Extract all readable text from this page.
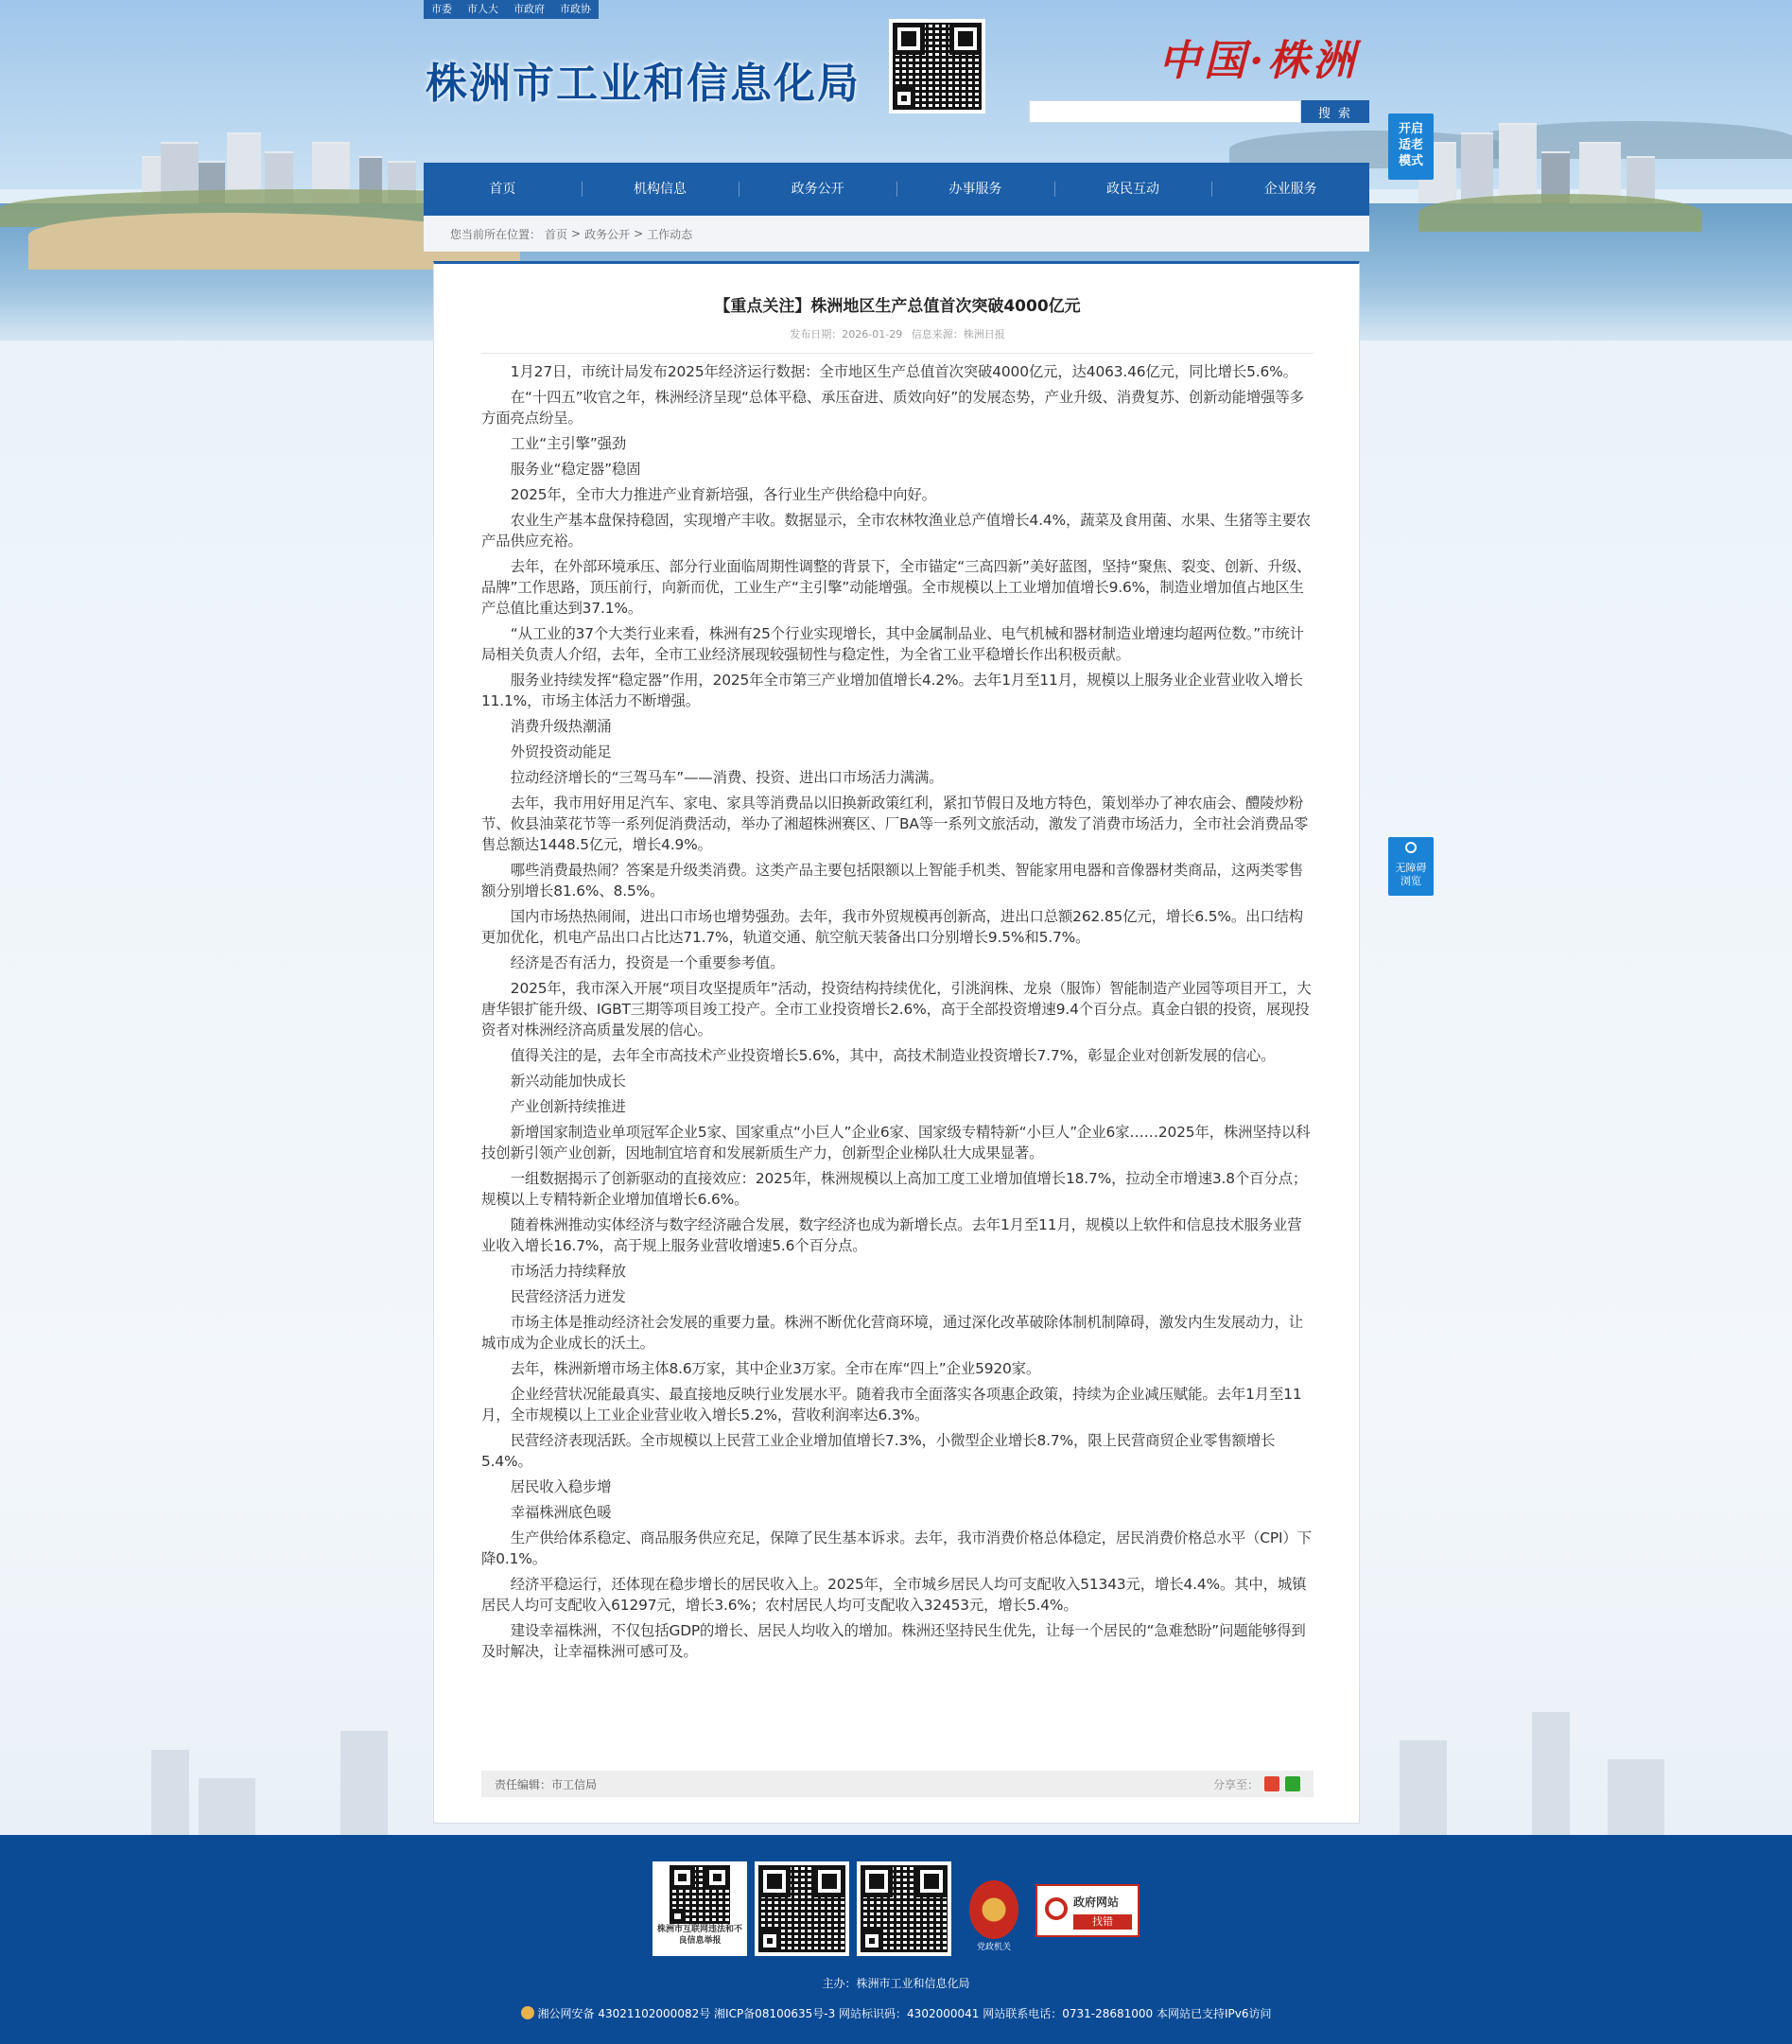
市委	市人大	市政府	市政协
株洲市工业和信息化局	中国·株洲
搜 索
开启适老模式
无障碍浏览
首页	机构信息	政务公开	办事服务	政民互动	企业服务
您当前所在位置： 首页 > 政务公开 > 工作动态
【重点关注】株洲地区生产总值首次突破4000亿元
发布日期：2026-01-29 信息来源：株洲日报

1月27日，市统计局发布2025年经济运行数据：全市地区生产总值首次突破4000亿元，达4063.46亿元，同比增长5.6%。

在“十四五”收官之年，株洲经济呈现“总体平稳、承压奋进、质效向好”的发展态势，产业升级、消费复苏、创新动能增强等多方面亮点纷呈。

工业“主引擎”强劲

服务业“稳定器”稳固

2025年，全市大力推进产业育新培强，各行业生产供给稳中向好。

农业生产基本盘保持稳固，实现增产丰收。数据显示，全市农林牧渔业总产值增长4.4%，蔬菜及食用菌、水果、生猪等主要农产品供应充裕。

去年，在外部环境承压、部分行业面临周期性调整的背景下，全市锚定“三高四新”美好蓝图，坚持“聚焦、裂变、创新、升级、品牌”工作思路，顶压前行，向新而优，工业生产“主引擎”动能增强。全市规模以上工业增加值增长9.6%，制造业增加值占地区生产总值比重达到37.1%。

“从工业的37个大类行业来看，株洲有25个行业实现增长，其中金属制品业、电气机械和器材制造业增速均超两位数。”市统计局相关负责人介绍，去年，全市工业经济展现较强韧性与稳定性，为全省工业平稳增长作出积极贡献。

服务业持续发挥“稳定器”作用，2025年全市第三产业增加值增长4.2%。去年1月至11月，规模以上服务业企业营业收入增长11.1%，市场主体活力不断增强。

消费升级热潮涌

外贸投资动能足

拉动经济增长的“三驾马车”——消费、投资、进出口市场活力满满。

去年，我市用好用足汽车、家电、家具等消费品以旧换新政策红利，紧扣节假日及地方特色，策划举办了神农庙会、醴陵炒粉节、攸县油菜花节等一系列促消费活动，举办了湘超株洲赛区、厂BA等一系列文旅活动，激发了消费市场活力，全市社会消费品零售总额达1448.5亿元，增长4.9%。

哪些消费最热闹？答案是升级类消费。这类产品主要包括限额以上智能手机类、智能家用电器和音像器材类商品，这两类零售额分别增长81.6%、8.5%。

国内市场热热闹闹，进出口市场也增势强劲。去年，我市外贸规模再创新高，进出口总额262.85亿元，增长6.5%。出口结构更加优化，机电产品出口占比达71.7%，轨道交通、航空航天装备出口分别增长9.5%和5.7%。

经济是否有活力，投资是一个重要参考值。

2025年，我市深入开展“项目攻坚提质年”活动，投资结构持续优化，引洮润株、龙泉（服饰）智能制造产业园等项目开工，大唐华银扩能升级、IGBT三期等项目竣工投产。全市工业投资增长2.6%，高于全部投资增速9.4个百分点。真金白银的投资，展现投资者对株洲经济高质量发展的信心。

值得关注的是，去年全市高技术产业投资增长5.6%，其中，高技术制造业投资增长7.7%，彰显企业对创新发展的信心。

新兴动能加快成长

产业创新持续推进

新增国家制造业单项冠军企业5家、国家重点“小巨人”企业6家、国家级专精特新“小巨人”企业6家……2025年，株洲坚持以科技创新引领产业创新，因地制宜培育和发展新质生产力，创新型企业梯队壮大成果显著。

一组数据揭示了创新驱动的直接效应：2025年，株洲规模以上高加工度工业增加值增长18.7%，拉动全市增速3.8个百分点；规模以上专精特新企业增加值增长6.6%。

随着株洲推动实体经济与数字经济融合发展，数字经济也成为新增长点。去年1月至11月，规模以上软件和信息技术服务业营业收入增长16.7%，高于规上服务业营收增速5.6个百分点。

市场活力持续释放

民营经济活力迸发

市场主体是推动经济社会发展的重要力量。株洲不断优化营商环境，通过深化改革破除体制机制障碍，激发内生发展动力，让城市成为企业成长的沃土。

去年，株洲新增市场主体8.6万家，其中企业3万家。全市在库“四上”企业5920家。

企业经营状况能最真实、最直接地反映行业发展水平。随着我市全面落实各项惠企政策，持续为企业减压赋能。去年1月至11月，全市规模以上工业企业营业收入增长5.2%，营收利润率达6.3%。

民营经济表现活跃。全市规模以上民营工业企业增加值增长7.3%，小微型企业增长8.7%，限上民营商贸企业零售额增长5.4%。

居民收入稳步增

幸福株洲底色暖

生产供给体系稳定、商品服务供应充足，保障了民生基本诉求。去年，我市消费价格总体稳定，居民消费价格总水平（CPI）下降0.1%。

经济平稳运行，还体现在稳步增长的居民收入上。2025年，全市城乡居民人均可支配收入51343元，增长4.4%。其中，城镇居民人均可支配收入61297元，增长3.6%；农村居民人均可支配收入32453元，增长5.4%。

建设幸福株洲，不仅包括GDP的增长、居民人均收入的增加。株洲还坚持民生优先，让每一个居民的“急难愁盼”问题能够得到及时解决，让幸福株洲可感可及。

责任编辑：市工信局	分享至：
株洲市互联网违法和不良信息举报
党政机关
政府网站
找错
主办：株洲市工业和信息化局
湘公网安备 43021102000082号 湘ICP备08100635号-3 网站标识码：4302000041 网站联系电话：0731-28681000 本网站已支持IPv6访问
